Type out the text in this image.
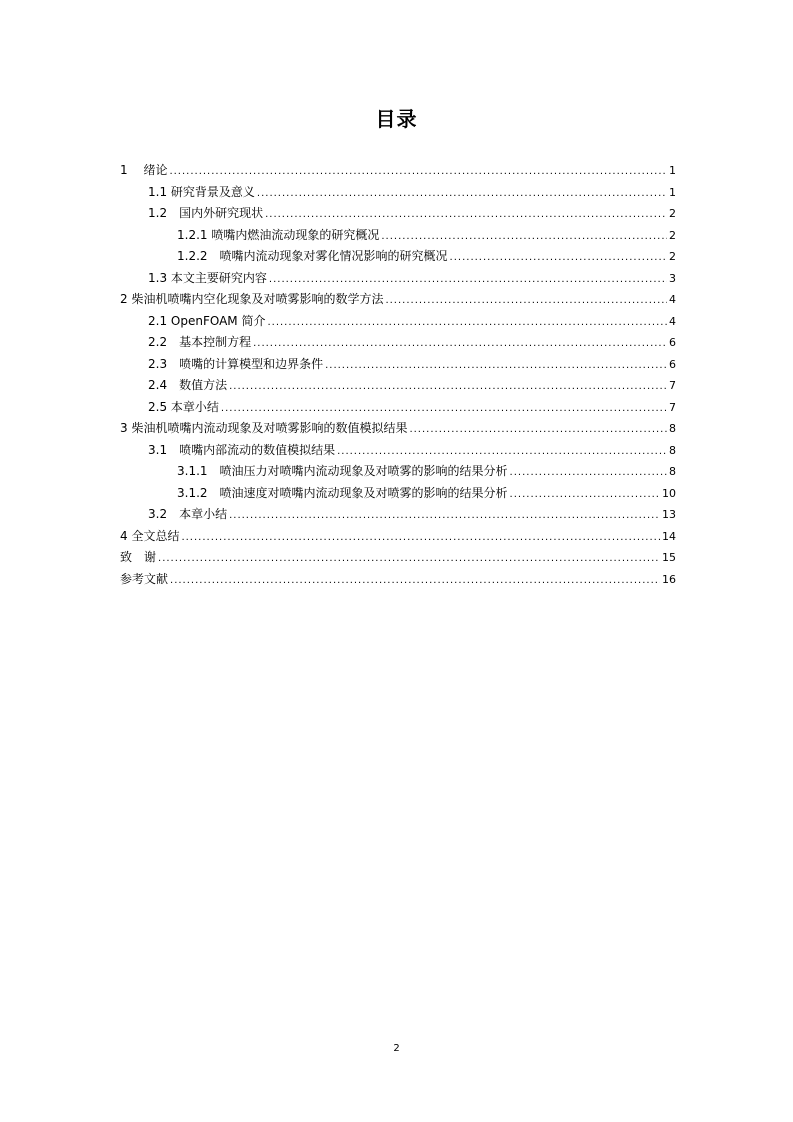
目录
1　 绪论 .....	1
1.1 研究背景及意义 .....	1
1.2　国内外研究现状 .....	2
1.2.1 喷嘴内燃油流动现象的研究概况 .....	2
1.2.2　喷嘴内流动现象对雾化情况影响的研究概况 .....	2
1.3 本文主要研究内容 .....	3
2 柴油机喷嘴内空化现象及对喷雾影响的数学方法 .....	4
2.1 OpenFOAM 简介 .....	4
2.2　基本控制方程 .....	6
2.3　喷嘴的计算模型和边界条件 .....	6
2.4　数值方法 .....	7
2.5 本章小结 .....	7
3 柴油机喷嘴内流动现象及对喷雾影响的数值模拟结果 .....	8
3.1　喷嘴内部流动的数值模拟结果 .....	8
3.1.1　喷油压力对喷嘴内流动现象及对喷雾的影响的结果分析 .....	8
3.1.2　喷油速度对喷嘴内流动现象及对喷雾的影响的结果分析 .....	10
3.2　本章小结 .....	13
4 全文总结 .....	14
致　谢 .....	15
参考文献 .....	16
2
